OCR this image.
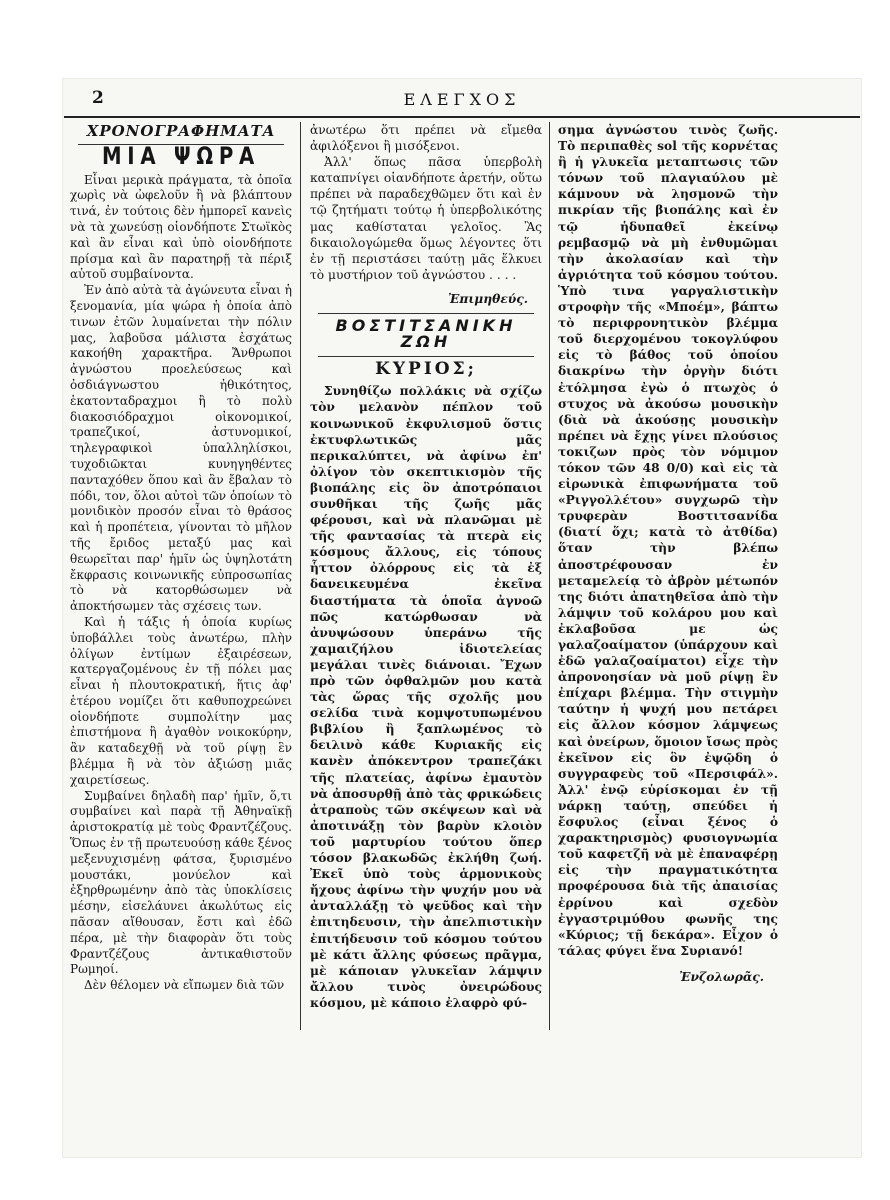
2	ΕΛΕΓΧΟΣ
ΧΡΟΝΟΓΡΑΦΗΜΑΤΑ
ΜΙΑ ΨΩΡΑ

Εἶναι μερικὰ πράγματα, τὰ ὁποῖα χωρὶς νὰ ὠφελοῦν ἢ νὰ βλάπτουν τινά, ἐν τούτοις δὲν ἠμπορεῖ κανεὶς νὰ τὰ χωνεύσῃ οἱονδήποτε Στωϊκὸς καὶ ἂν εἶναι καὶ ὑπὸ οἱονδήποτε πρίσμα καὶ ἂν παρατηρῇ τὰ πέριξ αὐτοῦ συμβαίνοντα.

Ἐν ἀπὸ αὐτὰ τὰ ἀγώνευτα εἶναι ἡ ξενομανία, μία ψώρα ἡ ὁποία ἀπὸ τινων ἐτῶν λυμαίνεται τὴν πόλιν μας, λαβοῦσα μάλιστα ἐσχάτως κακοήθη χαρακτῆρα. Ἄνθρωποι ἀγνώστου προελεύσεως καὶ ὀσδιάγνωστου ἠθικότητος, ἑκατονταδραχμοι ἢ τὸ πολὺ διακοσιόδραχμοι οἰκονομικοί, τραπεζικοί, ἀστυνομικοί, τηλεγραφικοὶ ὑπαλληλίσκοι, τυχοδιῶκται κυνηγηθέντες πανταχόθεν ὅπου καὶ ἂν ἔβαλαν τὸ πόδι, τον, ὅλοι αὐτοὶ τῶν ὁποίων τὸ μονιδικὸν προσόν εἶναι τὸ θράσος καὶ ἡ προπέτεια, γίνονται τὸ μῆλον τῆς ἔριδος μεταξύ μας καὶ θεωρεῖται παρ' ἡμῖν ὡς ὑψηλοτάτη ἔκφρασις κοινωνικῆς εὐπροσωπίας τὸ νὰ κατορθώσωμεν νὰ ἀποκτήσωμεν τὰς σχέσεις των.

Καὶ ἡ τάξις ἡ ὁποία κυρίως ὑποβάλλει τοὺς ἀνωτέρω, πλὴν ὀλίγων ἐντίμων ἐξαιρέσεων, κατεργαζομένους ἐν τῇ πόλει μας εἶναι ἡ πλουτοκρατική, ἥτις ἀφ' ἑτέρου νομίζει ὅτι καθυποχρεώνει οἱονδήποτε συμπολίτην μας ἐπιστήμονα ἢ ἀγαθὸν νοικοκύρην, ἂν καταδεχθῇ νὰ τοῦ ρίψῃ ἓν βλέμμα ἢ νὰ τὸν ἀξιώσῃ μιᾶς χαιρετίσεως.

Συμβαίνει δηλαδὴ παρ' ἡμῖν, ὅ,τι συμβαίνει καὶ παρὰ τῇ Ἀθηναϊκῇ ἀριστοκρατίᾳ μὲ τοὺς Φραντζέζους. Ὅπως ἐν τῇ πρωτευούσῃ κάθε ξένος μεξενυχισμένῃ φάτσα, ξυρισμένο μουστάκι, μονύελον καὶ ἐξηρθρωμένην ἀπὸ τὰς ὑποκλίσεις μέσην, εἰσελάυνει ἀκωλύτως εἰς πᾶσαν αἴθουσαν, ἔστι καὶ ἐδῶ πέρα, μὲ τὴν διαφορὰν ὅτι τοὺς Φραντζέζους ἀντικαθιστοῦν Ρωμηοί.

Δὲν θέλομεν νὰ εἴπωμεν διὰ τῶν

ἀνωτέρω ὅτι πρέπει νὰ εἴμεθα ἀφιλόξενοι ἢ μισόξενοι.

Ἀλλ' ὅπως πᾶσα ὑπερβολὴ καταπνίγει οἱανδήποτε ἀρετήν, οὕτω πρέπει νὰ παραδεχθῶμεν ὅτι καὶ ἐν τῷ ζητήματι τούτῳ ἡ ὑπερβολικότης μας καθίσταται γελοῖος. Ἂς δικαιολογώμεθα ὅμως λέγοντες ὅτι ἐν τῇ περιστάσει ταύτῃ μᾶς ἕλκυει τὸ μυστήριον τοῦ ἀγνώστου . . . .

Ἐπιμηθεύς.
ΒΟΣΤΙΤΣΑΝΙΚΗ ΖΩΗ
ΚΥΡΙΟΣ;

Συνηθίζω πολλάκις νὰ σχίζω τὸν μελανὸν πέπλον τοῦ κοινωνικοῦ ἐκφυλισμοῦ ὅστις ἐκτυφλωτικῶς μᾶς περικαλύπτει, νὰ ἀφίνω ἐπ' ὀλίγον τὸν σκεπτικισμὸν τῆς βιοπάλης εἰς ὃν ἀποτρόπαιοι συνθῆκαι τῆς ζωῆς μᾶς φέρουσι, καὶ νὰ πλανῶμαι μὲ τῆς φαντασίας τὰ πτερὰ εἰς κόσμους ἄλλους, εἰς τόπους ἧττον ὀλόρρους εἰς τὰ ἐξ δανεικευμένα ἐκεῖνα διαστήματα τὰ ὁποῖα ἀγνοῶ πῶς κατώρθωσαν νὰ ἀνυψώσουν ὑπεράνω τῆς χαμαιζήλου ἰδιοτελείας μεγάλαι τινὲς διάνοιαι. Ἔχων πρὸ τῶν ὀφθαλμῶν μου κατὰ τὰς ὥρας τῆς σχολῆς μου σελίδα τινὰ κομψοτυπωμένου βιβλίου ἢ ξαπλωμένος τὸ δειλινὸ κάθε Κυριακῆς εἰς κανὲν ἀπόκεντρον τραπεζάκι τῆς πλατείας, ἀφίνω ἐμαυτὸν νὰ ἀποσυρθῇ ἀπὸ τὰς φρικώδεις ἀτραποὺς τῶν σκέψεων καὶ νὰ ἀποτινάξῃ τὸν βαρὺν κλοιὸν τοῦ μαρτυρίου τούτου ὅπερ τόσον βλακωδῶς ἐκλήθη ζωή. Ἐκεῖ ὑπὸ τοὺς ἁρμονικοὺς ἤχους ἀφίνω τὴν ψυχήν μου νὰ ἀνταλλάξῃ τὸ ψεῦδος καὶ τὴν ἐπιτηδευσιν, τὴν ἀπελπιστικὴν ἐπιτήδευσιν τοῦ κόσμου τούτου μὲ κάτι ἄλλης φύσεως πρᾶγμα, μὲ κάποιαν γλυκεῖαν λάμψιν ἄλλου τινὸς ὀνειρώδους κόσμου, μὲ κάποιο ἐλαφρὸ φύ-

σημα ἀγνώστου τινὸς ζωῆς. Τὸ περιπαθὲς sol τῆς κορνέτας ἢ ἡ γλυκεῖα μεταπτωσις τῶν τόνων τοῦ πλαγιαύλου μὲ κάμνουν νὰ λησμονῶ τὴν πικρίαν τῆς βιοπάλης καὶ ἐν τῷ ἡδυπαθεῖ ἐκείνῳ ρεμβασμῷ νὰ μὴ ἐνθυμῶμαι τὴν ἀκολασίαν καὶ τὴν ἀγριότητα τοῦ κόσμου τούτου. Ὑπὸ τινα γαργαλιστικὴν στροφὴν τῆς «Μποέμ», βάπτω τὸ περιφρονητικὸν βλέμμα τοῦ διερχομένου τοκογλύφου εἰς τὸ βάθος τοῦ ὁποίου διακρίνω τὴν ὀργὴν διότι ἐτόλμησα ἐγὼ ὁ πτωχὸς ὁ στυχος νὰ ἀκούσω μουσικὴν (διὰ νὰ ἀκούσῃς μουσικὴν πρέπει νὰ ἔχῃς γίνει πλούσιος τοκιζων πρὸς τὸν νόμιμον τόκον τῶν 48 0/0) καὶ εἰς τὰ εἰρωνικὰ ἐπιφωνήματα τοῦ «Ριγγολλέτου» συγχωρῶ τὴν τρυφερὰν Βοστιτσανίδα (διατί ὅχι; κατὰ τὸ ἀτθίδα) ὅταν τὴν βλέπω ἀποστρέφουσαν ἐν μεταμελείᾳ τὸ ἀβρὸν μέτωπόν της διότι ἀπατηθεῖσα ἀπὸ τὴν λάμψιν τοῦ κολάρου μου καὶ ἐκλαβοῦσα με ὡς γαλαζοαίματον (ὑπάρχουν καὶ ἐδῶ γαλαζοαίματοι) εἶχε τὴν ἀπρονοησίαν νὰ μοῦ ρίψῃ ἓν ἐπίχαρι βλέμμα. Τὴν στιγμὴν ταύτην ἡ ψυχή μου πετάρει εἰς ἄλλον κόσμον λάμψεως καὶ ὀνείρων, ὅμοιον ἴσως πρὸς ἐκεῖνον εἰς ὃν ἐψῷδη ὁ συγγραφεὺς τοῦ «Περσιφάλ». Ἀλλ' ἐνῷ εὑρίσκομαι ἐν τῇ νάρκῃ ταύτῃ, σπεύδει ἡ ἔσφυλος (εἶναι ξένος ὁ χαρακτηρισμὸς) φυσιογνωμία τοῦ καφετζῆ νὰ μὲ ἐπαναφέρῃ εἰς τὴν πραγματικότητα προφέρουσα διὰ τῆς ἀπαισίας ἐρρίνου καὶ σχεδὸν ἐγγαστριμύθου φωνῆς της «Κύριος; τῇ δεκάρα». Εἶχον ὁ τάλας φύγει ἕνα Συριανό!

Ἐνζολωρᾶς.
